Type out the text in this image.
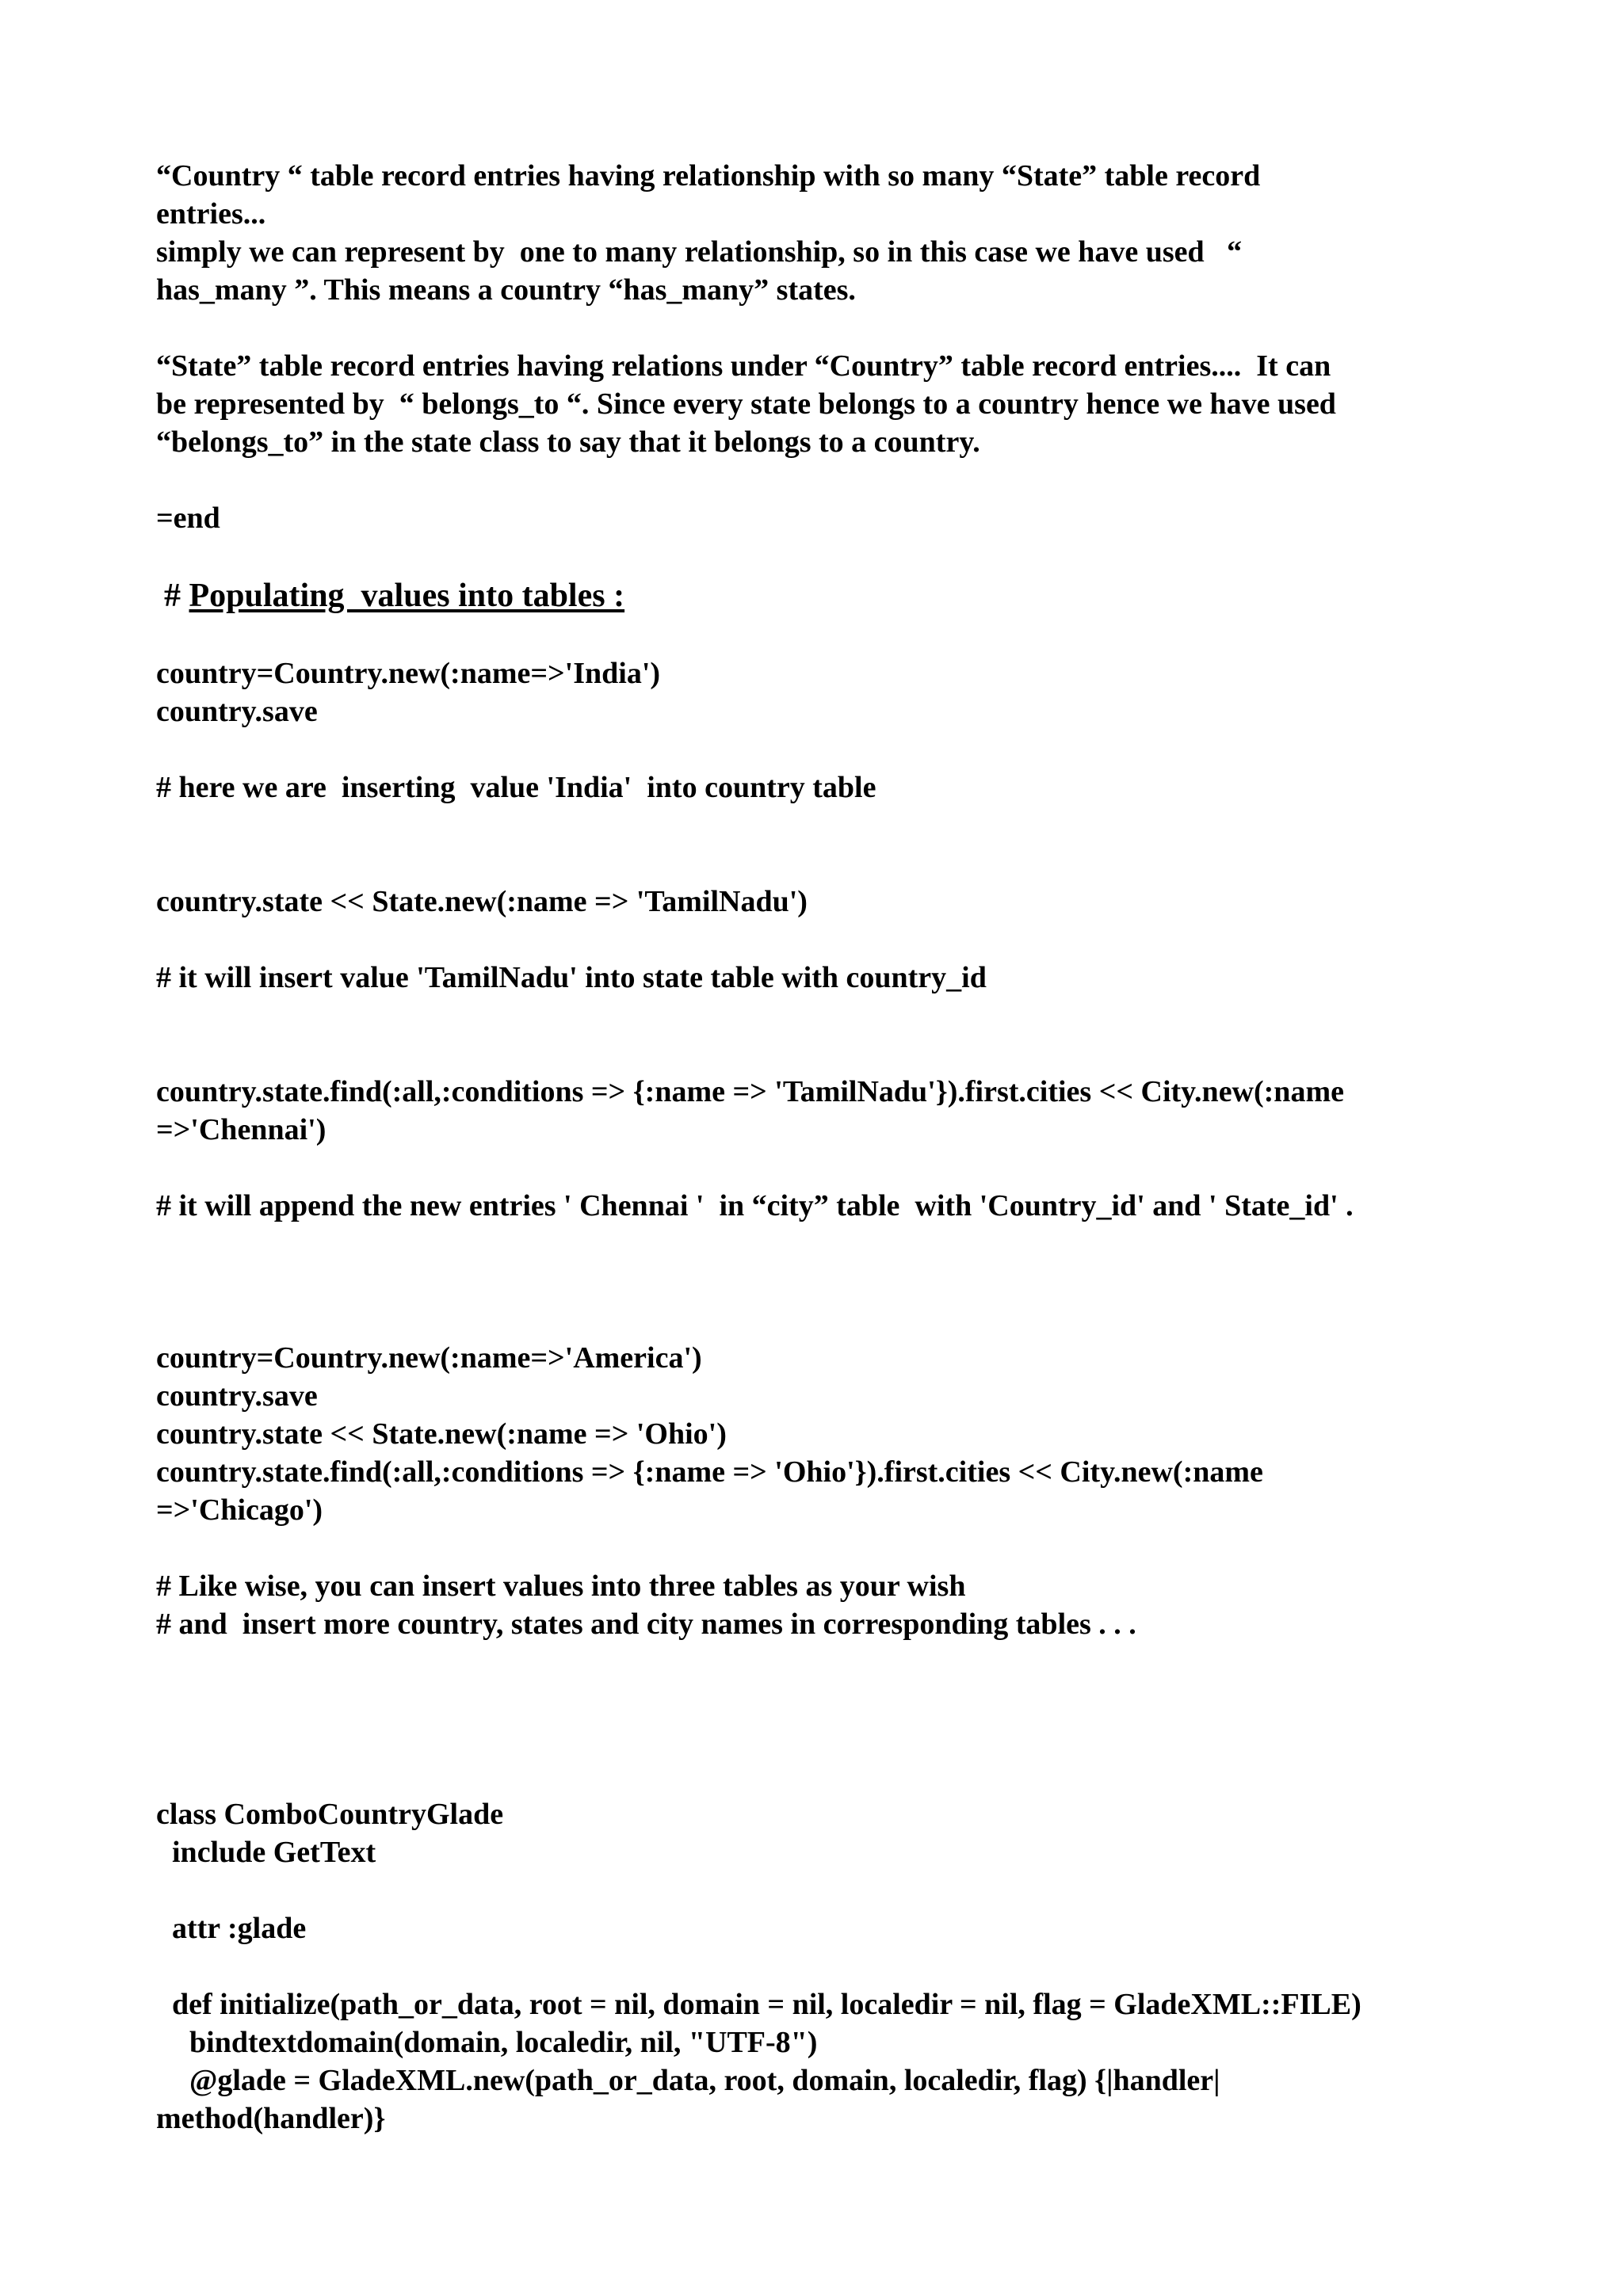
“Country “ table record entries having relationship with so many “State” table record
entries...
simply we can represent by  one to many relationship, so in this case we have used   “
has_many ”. This means a country “has_many” states.
“State” table record entries having relations under “Country” table record entries....  It can
be represented by  “ belongs_to “. Since every state belongs to a country hence we have used
“belongs_to” in the state class to say that it belongs to a country.
=end
# Populating  values into tables :
country=Country.new(:name=>'India')
country.save
# here we are  inserting  value 'India'  into country table
country.state << State.new(:name => 'TamilNadu')
# it will insert value 'TamilNadu' into state table with country_id
country.state.find(:all,:conditions => {:name => 'TamilNadu'}).first.cities << City.new(:name
=>'Chennai')
# it will append the new entries ' Chennai '  in “city” table  with 'Country_id' and ' State_id' .
country=Country.new(:name=>'America')
country.save
country.state << State.new(:name => 'Ohio')
country.state.find(:all,:conditions => {:name => 'Ohio'}).first.cities << City.new(:name
=>'Chicago')
# Like wise, you can insert values into three tables as your wish
# and  insert more country, states and city names in corresponding tables . . .
class ComboCountryGlade
include GetText
attr :glade
def initialize(path_or_data, root = nil, domain = nil, localedir = nil, flag = GladeXML::FILE)
bindtextdomain(domain, localedir, nil, "UTF-8")
@glade = GladeXML.new(path_or_data, root, domain, localedir, flag) {|handler|
method(handler)}
